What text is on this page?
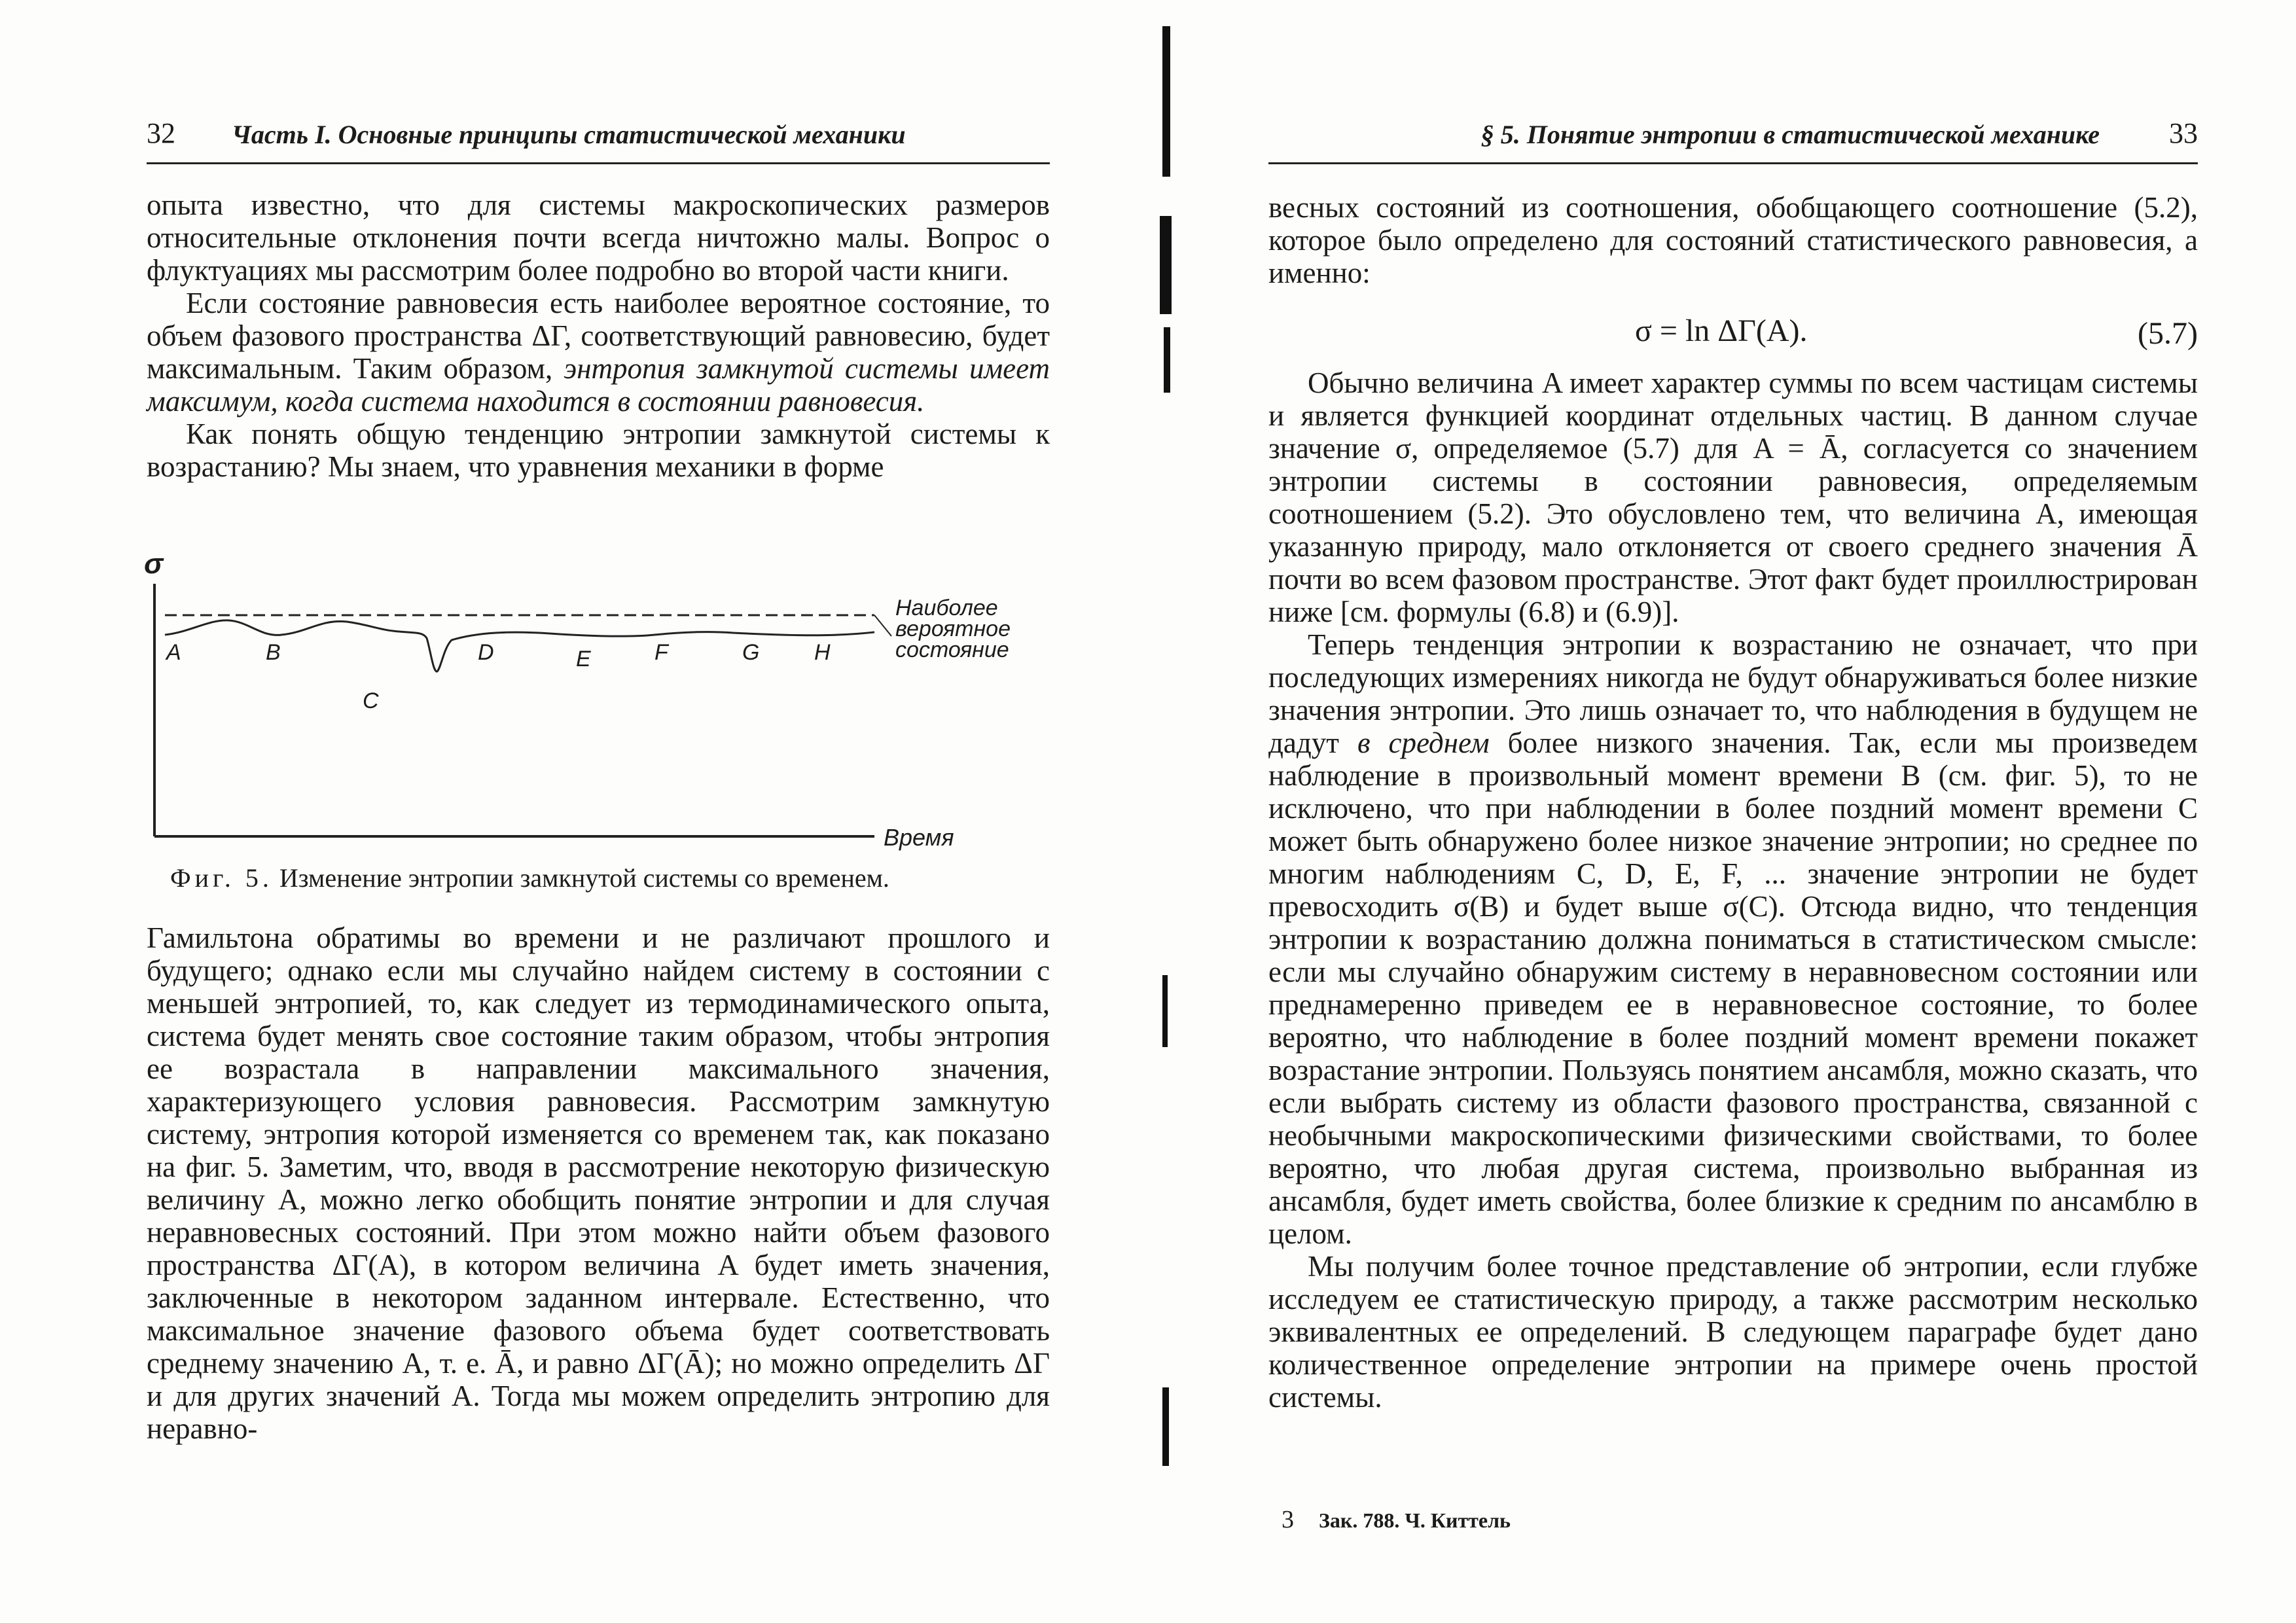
32 Часть I. Основные принципы статистической механики

опыта известно, что для системы макроскопических размеров относительные отклонения почти всегда ничтожно малы. Вопрос о флуктуациях мы рассмотрим более подробно во второй части книги.

Если состояние равновесия есть наиболее вероятное состояние, то объем фазового пространства ΔΓ, соответствующий равновесию, будет максимальным. Таким образом, энтропия замкнутой системы имеет максимум, когда система находится в состоянии равновесия.

Как понять общую тенденцию энтропии замкнутой системы к возрастанию? Мы знаем, что уравнения механики в форме

σ
Время
Наиболее
вероятное
состояние
A	B
C
D	E	F	G H
Фиг. 5. Изменение энтропии замкнутой системы со временем.

Гамильтона обратимы во времени и не различают прошлого и будущего; однако если мы случайно найдем систему в состоянии с меньшей энтропией, то, как следует из термодинамического опыта, система будет менять свое состояние таким образом, чтобы энтропия ее возрастала в направлении максимального значения, характеризующего условия равновесия. Рассмотрим замкнутую систему, энтропия которой изменяется со временем так, как показано на фиг. 5. Заметим, что, вводя в рассмотрение некоторую физическую величину A, можно легко обобщить понятие энтропии и для случая неравновесных состояний. При этом можно найти объем фазового пространства ΔΓ(A), в котором величина A будет иметь значения, заключенные в некотором заданном интервале. Естественно, что максимальное значение фазового объема будет соответствовать среднему значению A, т. е. Ā, и равно ΔΓ(Ā); но можно определить ΔΓ и для других значений A. Тогда мы можем определить энтропию для неравно-

§ 5. Понятие энтропии в статистической механике 33

весных состояний из соотношения, обобщающего соотношение (5.2), которое было определено для состояний статистического равновесия, а именно:

σ = ln ΔΓ(A).	(5.7)

Обычно величина A имеет характер суммы по всем частицам системы и является функцией координат отдельных частиц. В данном случае значение σ, определяемое (5.7) для A = Ā, согласуется со значением энтропии системы в состоянии равновесия, определяемым соотношением (5.2). Это обусловлено тем, что величина A, имеющая указанную природу, мало отклоняется от своего среднего значения Ā почти во всем фазовом пространстве. Этот факт будет проиллюстрирован ниже [см. формулы (6.8) и (6.9)].

Теперь тенденция энтропии к возрастанию не означает, что при последующих измерениях никогда не будут обнаруживаться более низкие значения энтропии. Это лишь означает то, что наблюдения в будущем не дадут в среднем более низкого значения. Так, если мы произведем наблюдение в произвольный момент времени B (см. фиг. 5), то не исключено, что при наблюдении в более поздний момент времени C может быть обнаружено более низкое значение энтропии; но среднее по многим наблюдениям C, D, E, F, ... значение энтропии не будет превосходить σ(B) и будет выше σ(C). Отсюда видно, что тенденция энтропии к возрастанию должна пониматься в статистическом смысле: если мы случайно обнаружим систему в неравновесном состоянии или преднамеренно приведем ее в неравновесное состояние, то более вероятно, что наблюдение в более поздний момент времени покажет возрастание энтропии. Пользуясь понятием ансамбля, можно сказать, что если выбрать систему из области фазового пространства, связанной с необычными макроскопическими физическими свойствами, то более вероятно, что любая другая система, произвольно выбранная из ансамбля, будет иметь свойства, более близкие к средним по ансамблю в целом.

Мы получим более точное представление об энтропии, если глубже исследуем ее статистическую природу, а также рассмотрим несколько эквивалентных ее определений. В следующем параграфе будет дано количественное определение энтропии на примере очень простой системы.

3 Зак. 788. Ч. Киттель
